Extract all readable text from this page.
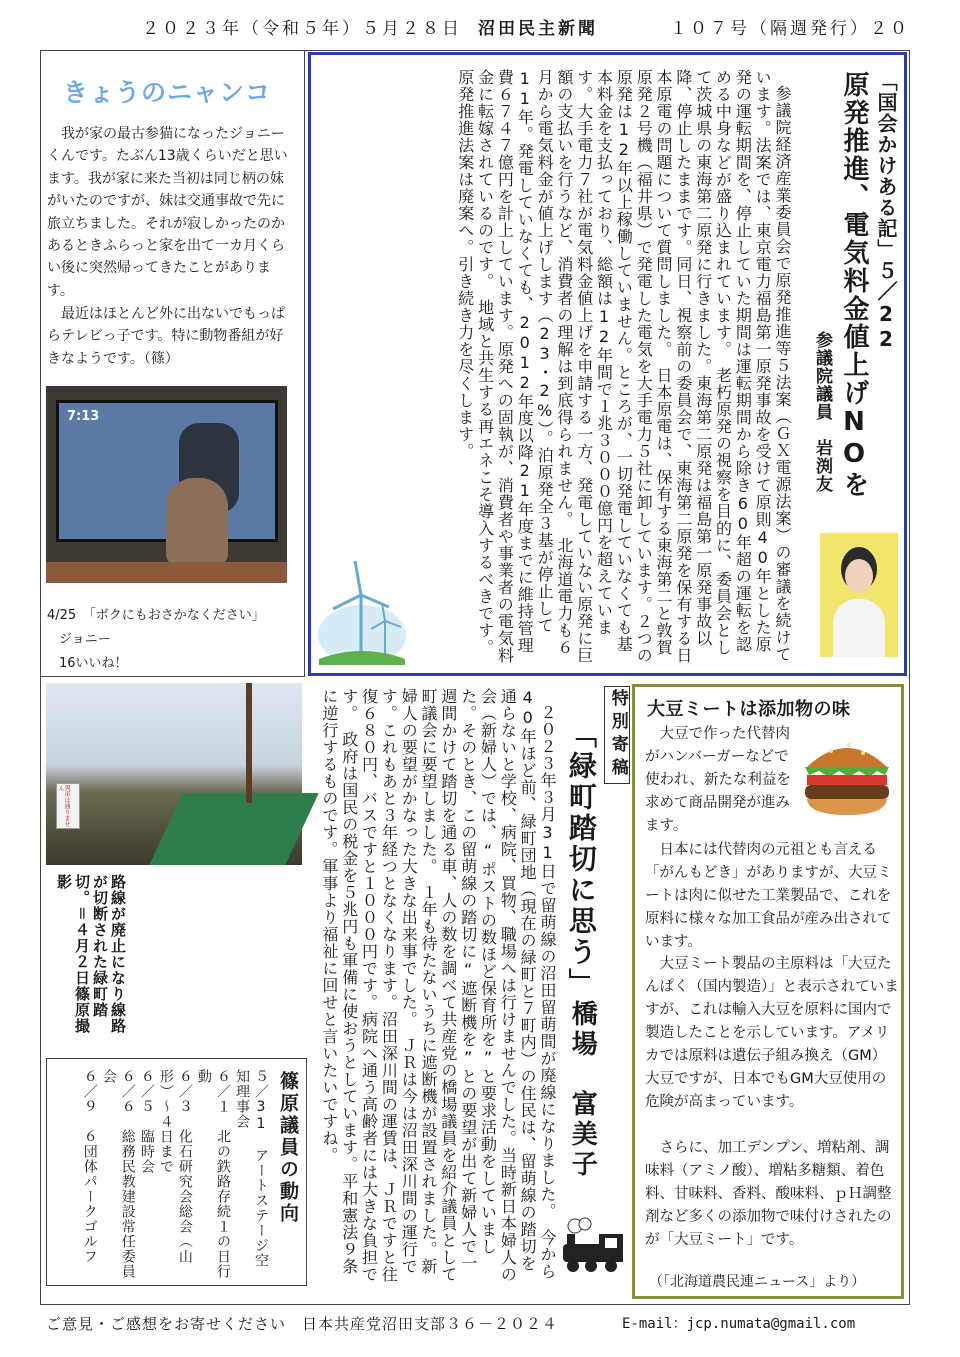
２０２３年（令和５年）５月２８日 沼田民主新聞	１０７号（隔週発行）２０
きょうのニャンコ
我が家の最古参猫になったジョニーくんです。たぶん13歳くらいだと思います。我が家に来た当初は同じ柄の妹がいたのですが、妹は交通事故で先に旅立ちました。それが寂しかったのかあるときふらっと家を出て一カ月くらい後に突然帰ってきたことがあります。
最近はほとんど外に出ないでもっぱらテレビっ子です。特に動物番組が好きなようです。（篠）
7:13
4/25　「ボクにもおさかなください」
ジョニー
16いいね！
「国会かけある記」５／22
原発推進、電気料金値上げNOを
参議院議員　岩渕友
参議院経済産業委員会で原発推進等５法案（ＧＸ電源法案）の審議を続けています。法案では、東京電力福島第一原発事故を受けて原則40年とした原発の運転期間を、停止していた期間は運転期間から除き60年超の運転を認める中身などが盛り込まれています。　老朽原発の視察を目的に、委員会として茨城県の東海第二原発に行きました。東海第二原発は福島第一原発事故以降、停止したままです。同日、視察前の委員会で、東海第二原発を保有する日本原電の問題について質問しました。　日本原電は、保有する東海第二と敦賀原発２号機（福井県）で発電した電気を大手電力５社に卸しています。２つの原発は12年以上稼働していません。ところが、一切発電していなくても基本料金を支払っており、総額は12年間で１兆３０００億円を超えています。大手電力７社が電気料金値上げを申請する一方、発電していない原発に巨額の支払いを行うなど、消費者の理解は到底得られません。　北海道電力も６月から電気料金が値上げします（23・2%）。泊原発全３基が停止して11年。発電していなくても、2012年度以降21年度までに維持管理費６７４７億円を計上しています。原発への固執が、消費者や事業者の電気料金に転嫁されているのです。　地域と共生する再エネこそ導入するべきです。原発推進法案は廃案へ。引き続き力を尽くします。
特別寄稿
「緑町踏切に思う」
橋場　富美子
２０２３年３月31日で留萌線の沼田留萌間が廃線になりました。　今から40年ほど前、緑町団地（現在の緑町と７町内）の住民は、留萌線の踏切を通らないと学校、病院、買物、職場へは行けませんでした。当時新日本婦人の会（新婦人）では、“ポストの数ほど保育所を”と要求活動をしていました。そのとき、この留萌線の踏切に“遮断機を”との要望が出て新婦人で一週間かけて踏切を通る車、人の数を調べて共産党の橋場議員を紹介議員として町議会に要望しました。　１年も待たないうちに遮断機が設置されました。新婦人の要望がかなった大きな出来事でした。　ＪＲは今は沼田深川間の運行です。これもあと３年経つとなくなります。沼田深川間の運賃は、ＪＲですと往復６８０円、バスですと１０００円です。病院へ通う高齢者には大きな負担です。　政府は国民の税金を５兆円も軍備に使おうとしています。平和憲法９条に逆行するものです。軍事より福祉に回せと言いたいですね。
列車は通りません
路線が廃止になり線路が切断された緑町踏切。＝４月２日篠原撮影
篠原議員の動向
５／31　アートステージ空知理事会
６／１　北の鉄路存続１の日行動
６／３　化石研究会総会（山形）～４日まで
６／５　臨時会
６／６　総務民教建設常任委員会
６／９　６団体パークゴルフ
大豆ミートは添加物の味
大豆で作った代替肉がハンバーガーなどで使われ、新たな利益を求めて商品開発が進みます。
日本には代替肉の元祖とも言える「がんもどき」がありますが、大豆ミートは肉に似せた工業製品で、これを原料に様々な加工食品が産み出されています。
大豆ミート製品の主原料は「大豆たんぱく（国内製造）」と表示されていますが、これは輸入大豆を原料に国内で製造したことを示しています。アメリカでは原料は遺伝子組み換え（GM）大豆ですが、日本でもGM大豆使用の危険が高まっています。
さらに、加工デンプン、増粘剤、調味料（アミノ酸）、増粘多糖類、着色料、甘味料、香料、酸味料、ｐＨ調整剤など多くの添加物で味付けされたのが「大豆ミート」です。
（「北海道農民連ニュース」より）
ご意見・ご感想をお寄せください　日本共産党沼田支部３６－２０２４	E-mail：jcp.numata@gmail.com
